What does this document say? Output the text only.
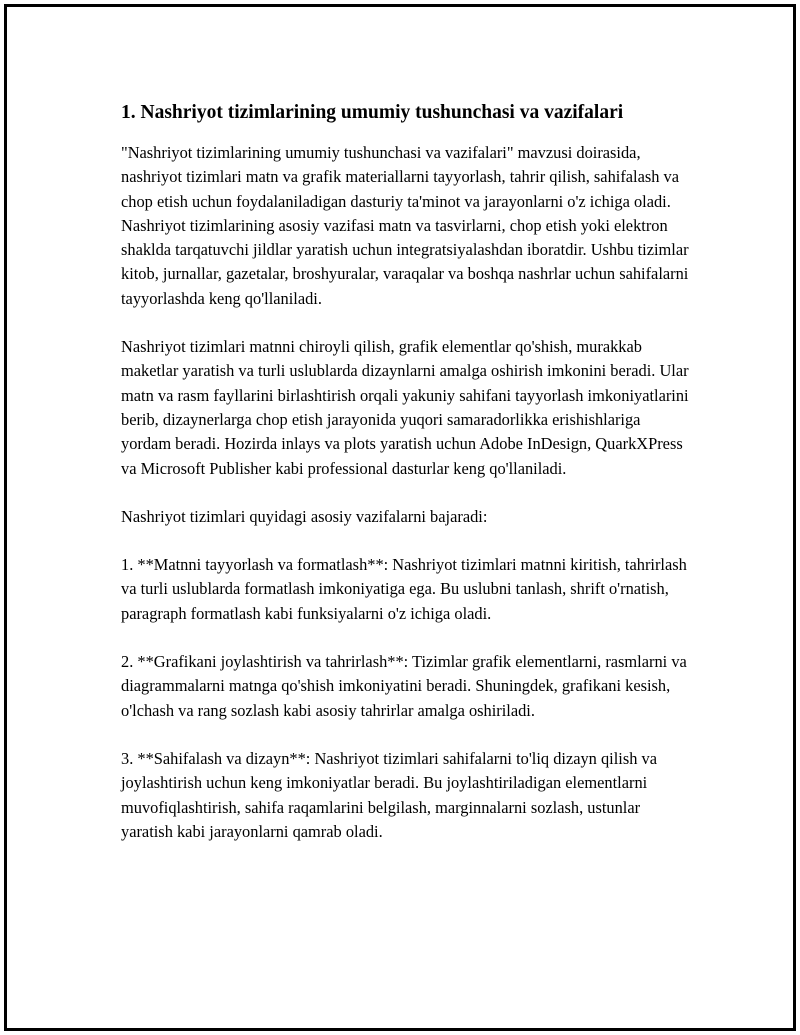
1. Nashriyot tizimlarining umumiy tushunchasi va vazifalari

"Nashriyot tizimlarining umumiy tushunchasi va vazifalari" mavzusi doirasida, nashriyot tizimlari matn va grafik materiallarni tayyorlash, tahrir qilish, sahifalash va chop etish uchun foydalaniladigan dasturiy ta'minot va jarayonlarni o'z ichiga oladi. Nashriyot tizimlarining asosiy vazifasi matn va tasvirlarni, chop etish yoki elektron shaklda tarqatuvchi jildlar yaratish uchun integratsiyalashdan iboratdir. Ushbu tizimlar kitob, jurnallar, gazetalar, broshyuralar, varaqalar va boshqa nashrlar uchun sahifalarni tayyorlashda keng qo'llaniladi.

Nashriyot tizimlari matnni chiroyli qilish, grafik elementlar qo'shish, murakkab maketlar yaratish va turli uslublarda dizaynlarni amalga oshirish imkonini beradi. Ular matn va rasm fayllarini birlashtirish orqali yakuniy sahifani tayyorlash imkoniyatlarini berib, dizaynerlarga chop etish jarayonida yuqori samaradorlikka erishishlariga yordam beradi. Hozirda inlays va plots yaratish uchun Adobe InDesign, QuarkXPress va Microsoft Publisher kabi professional dasturlar keng qo'llaniladi.

Nashriyot tizimlari quyidagi asosiy vazifalarni bajaradi:

1. **Matnni tayyorlash va formatlash**: Nashriyot tizimlari matnni kiritish, tahrirlash va turli uslublarda formatlash imkoniyatiga ega. Bu uslubni tanlash, shrift o'rnatish, paragraph formatlash kabi funksiyalarni o'z ichiga oladi.

2. **Grafikani joylashtirish va tahrirlash**: Tizimlar grafik elementlarni, rasmlarni va diagrammalarni matnga qo'shish imkoniyatini beradi. Shuningdek, grafikani kesish, o'lchash va rang sozlash kabi asosiy tahrirlar amalga oshiriladi.

3. **Sahifalash va dizayn**: Nashriyot tizimlari sahifalarni to'liq dizayn qilish va joylashtirish uchun keng imkoniyatlar beradi. Bu joylashtiriladigan elementlarni muvofiqlashtirish, sahifa raqamlarini belgilash, marginnalarni sozlash, ustunlar yaratish kabi jarayonlarni qamrab oladi.
